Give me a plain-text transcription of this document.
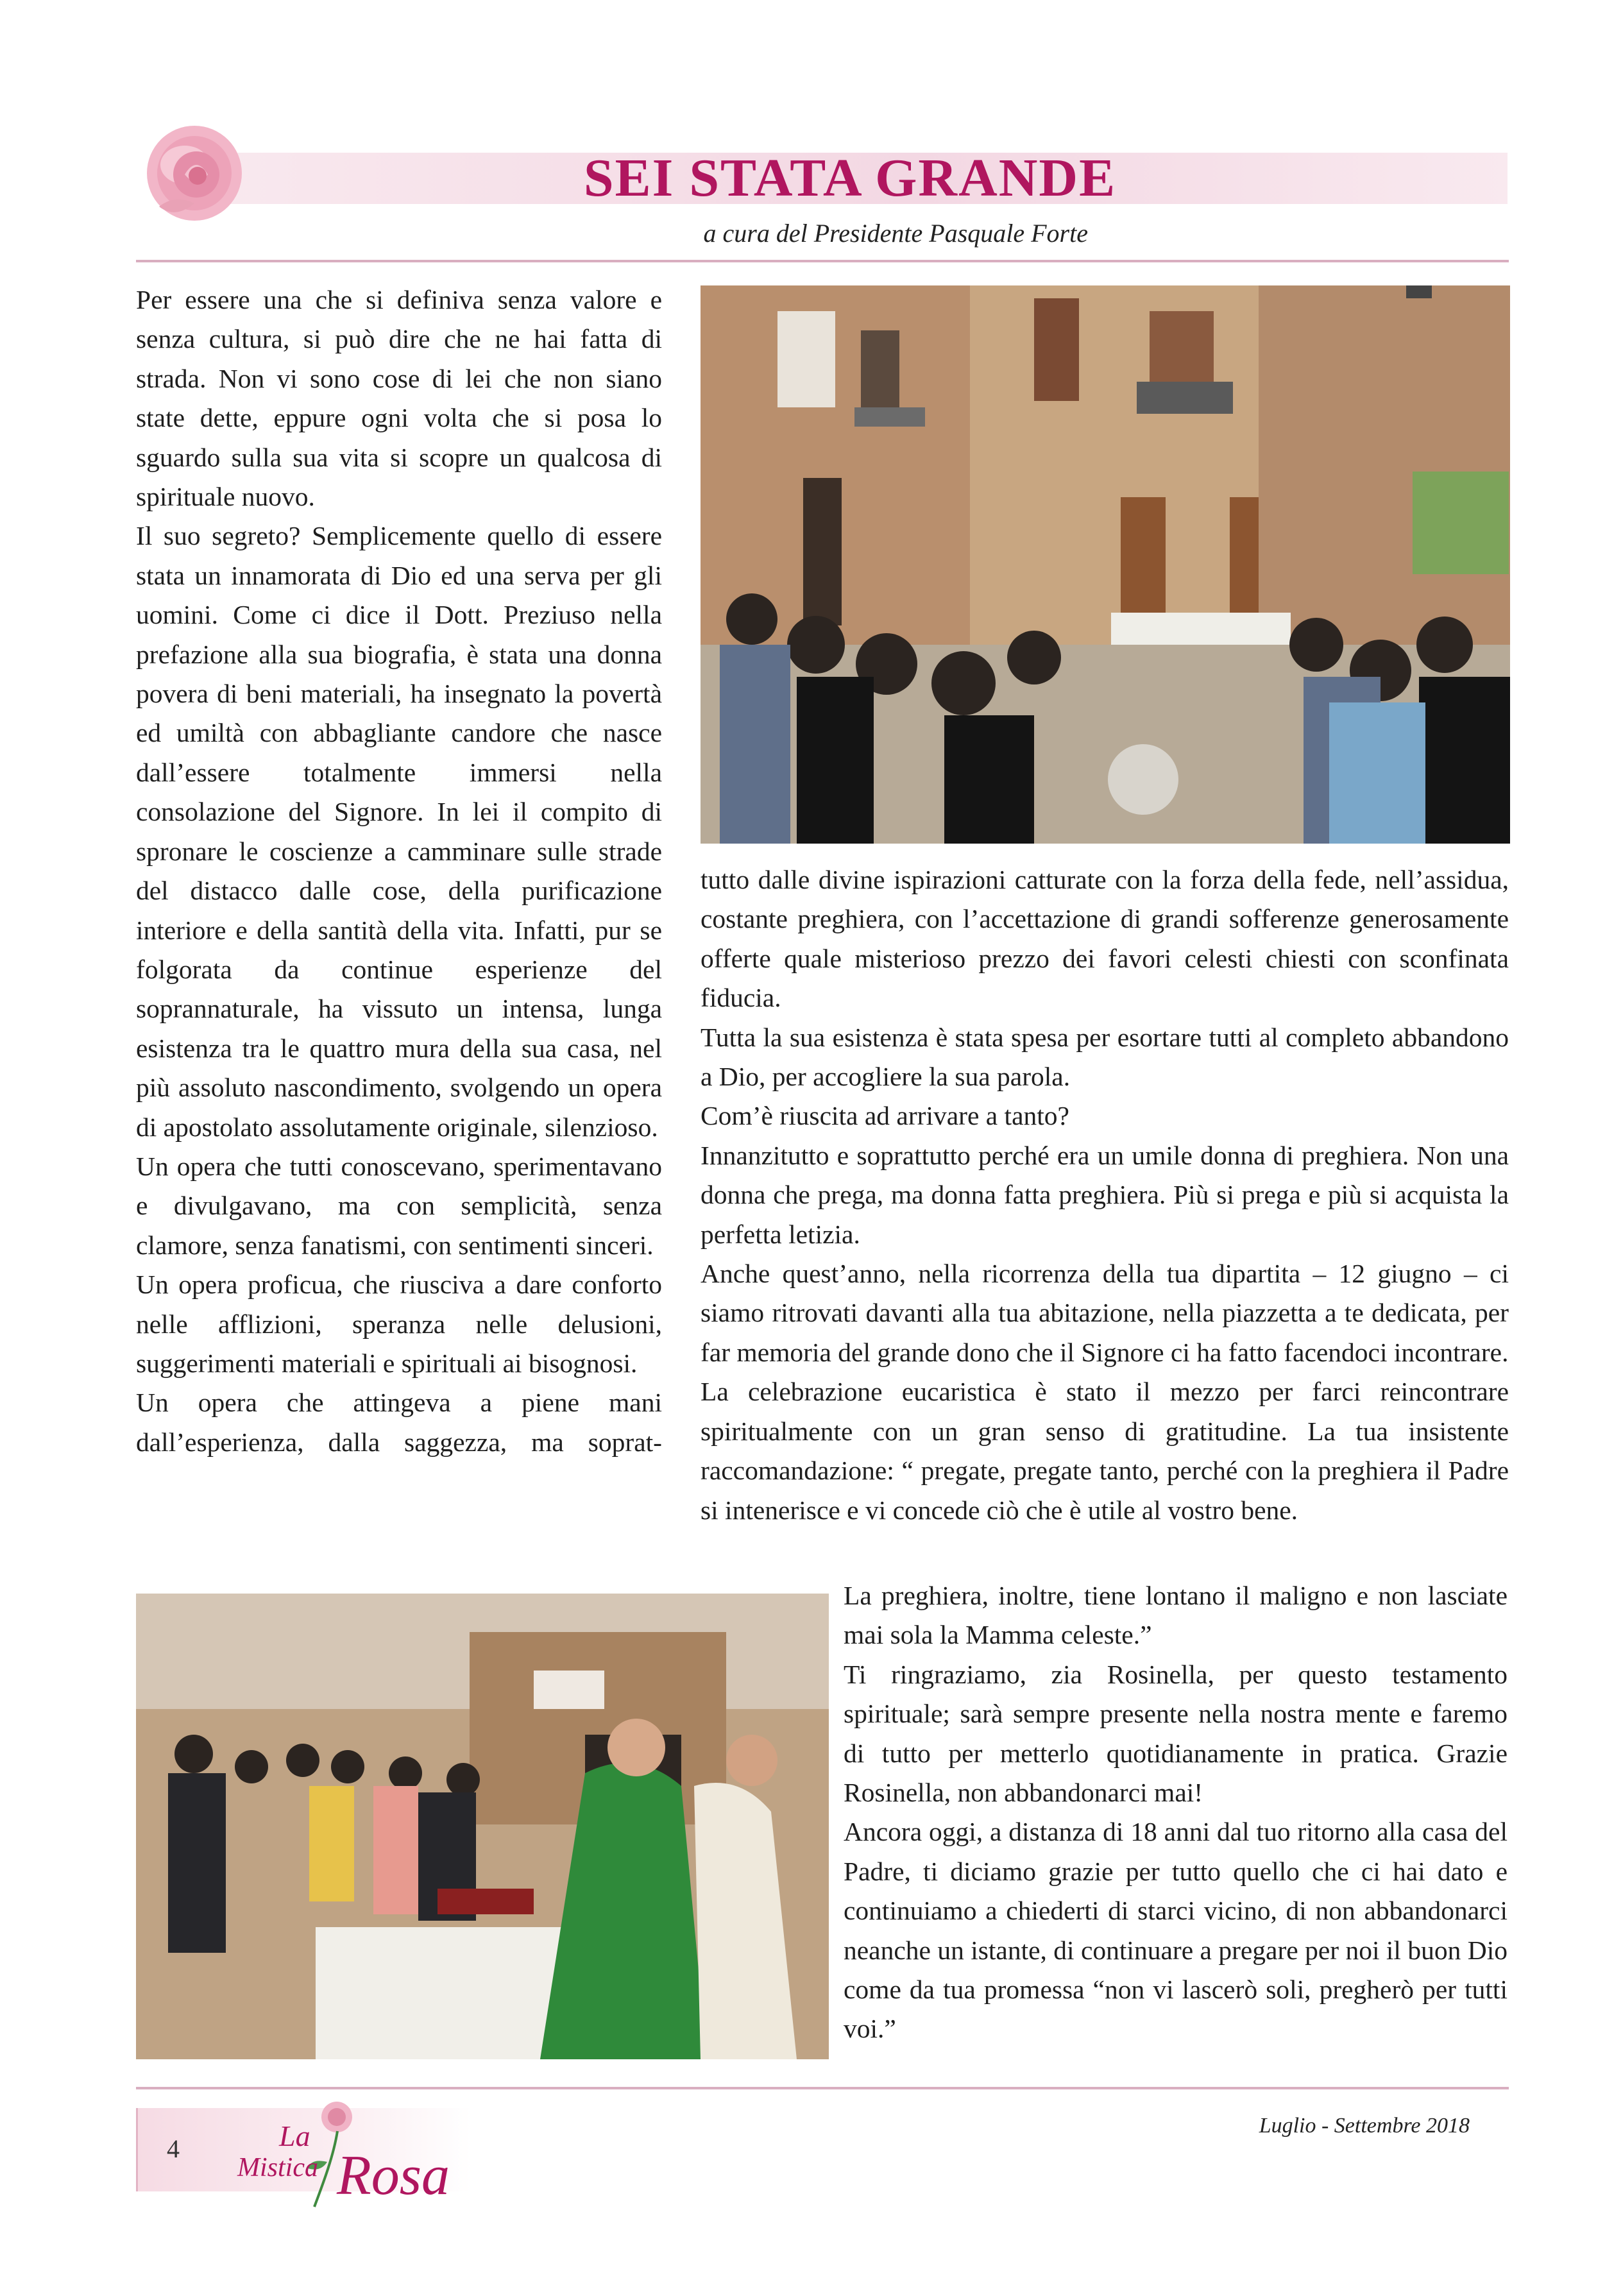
SEI STATA GRANDE
a cura del Presidente Pasquale Forte

Per essere una che si definiva senza valore e senza cultura, si può dire che ne hai fatta di strada. Non vi sono cose di lei che non siano state dette, eppure ogni volta che si posa lo sguardo sulla sua vita si scopre un qualcosa di spirituale nuovo.

Il suo segreto? Semplicemente quello di essere stata un innamorata di Dio ed una serva per gli uomini. Come ci dice il Dott. Preziuso nella prefazione alla sua biografia, è stata una donna povera di beni materiali, ha insegnato la povertà ed umiltà con abbagliante candore che nasce dall’essere totalmente immersi nella consolazione del Signore. In lei il compito di spronare le coscienze a camminare sulle strade del distacco dalle cose, della purificazione interiore e della santità della vita. Infatti, pur se folgorata da continue esperienze del soprannaturale, ha vissuto un intensa, lunga esistenza tra le quattro mura della sua casa, nel più assoluto nascondimento, svolgendo un opera di apostolato assolutamente originale, silenzioso.

Un opera che tutti conoscevano, sperimentavano e divulgavano, ma con semplicità, senza clamore, senza fanatismi, con sentimenti sinceri.

Un opera proficua, che riusciva a dare conforto nelle afflizioni, speranza nelle delusioni, suggerimenti materiali e spirituali ai bisognosi.

Un opera che attingeva a piene mani dall’esperienza, dalla saggezza, ma soprat-

tutto dalle divine ispirazioni catturate con la forza della fede, nell’assidua, costante preghiera, con l’accettazione di grandi sofferenze generosamente offerte quale misterioso prezzo dei favori celesti chiesti con sconfinata fiducia.

Tutta la sua esistenza è stata spesa per esortare tutti al completo abbandono a Dio, per accogliere la sua parola.

Com’è riuscita ad arrivare a tanto?

Innanzitutto e soprattutto perché era un umile donna di preghiera. Non una donna che prega, ma donna fatta preghiera. Più si prega e più si acquista la perfetta letizia.

Anche quest’anno, nella ricorrenza della tua dipartita – 12 giugno – ci siamo ritrovati davanti alla tua abitazione, nella piazzetta a te dedicata, per far memoria del grande dono che il Signore ci ha fatto facendoci incontrare.

La celebrazione eucaristica è stato il mezzo per farci reincontrare spiritualmente con un gran senso di gratitudine. La tua insistente raccomandazione: “ pregate, pregate tanto, perché con la preghiera il Padre si intenerisce e vi concede ciò che è utile al vostro bene.

La preghiera, inoltre, tiene lontano il maligno e non lasciate mai sola la Mamma celeste.”

Ti ringraziamo, zia Rosinella, per questo testamento spirituale; sarà sempre presente nella nostra mente e faremo di tutto per metterlo quotidianamente in pratica. Grazie Rosinella, non abbandonarci mai!

Ancora oggi, a distanza di 18 anni dal tuo ritorno alla casa del Padre, ti diciamo grazie per tutto quello che ci hai dato e continuiamo a chiederti di starci vicino, di non abbandonarci neanche un istante, di continuare a pregare per noi il buon Dio come da tua promessa “non vi lascerò soli, pregherò per tutti voi.”

4	La
Mistica Rosa
Luglio - Settembre 2018
